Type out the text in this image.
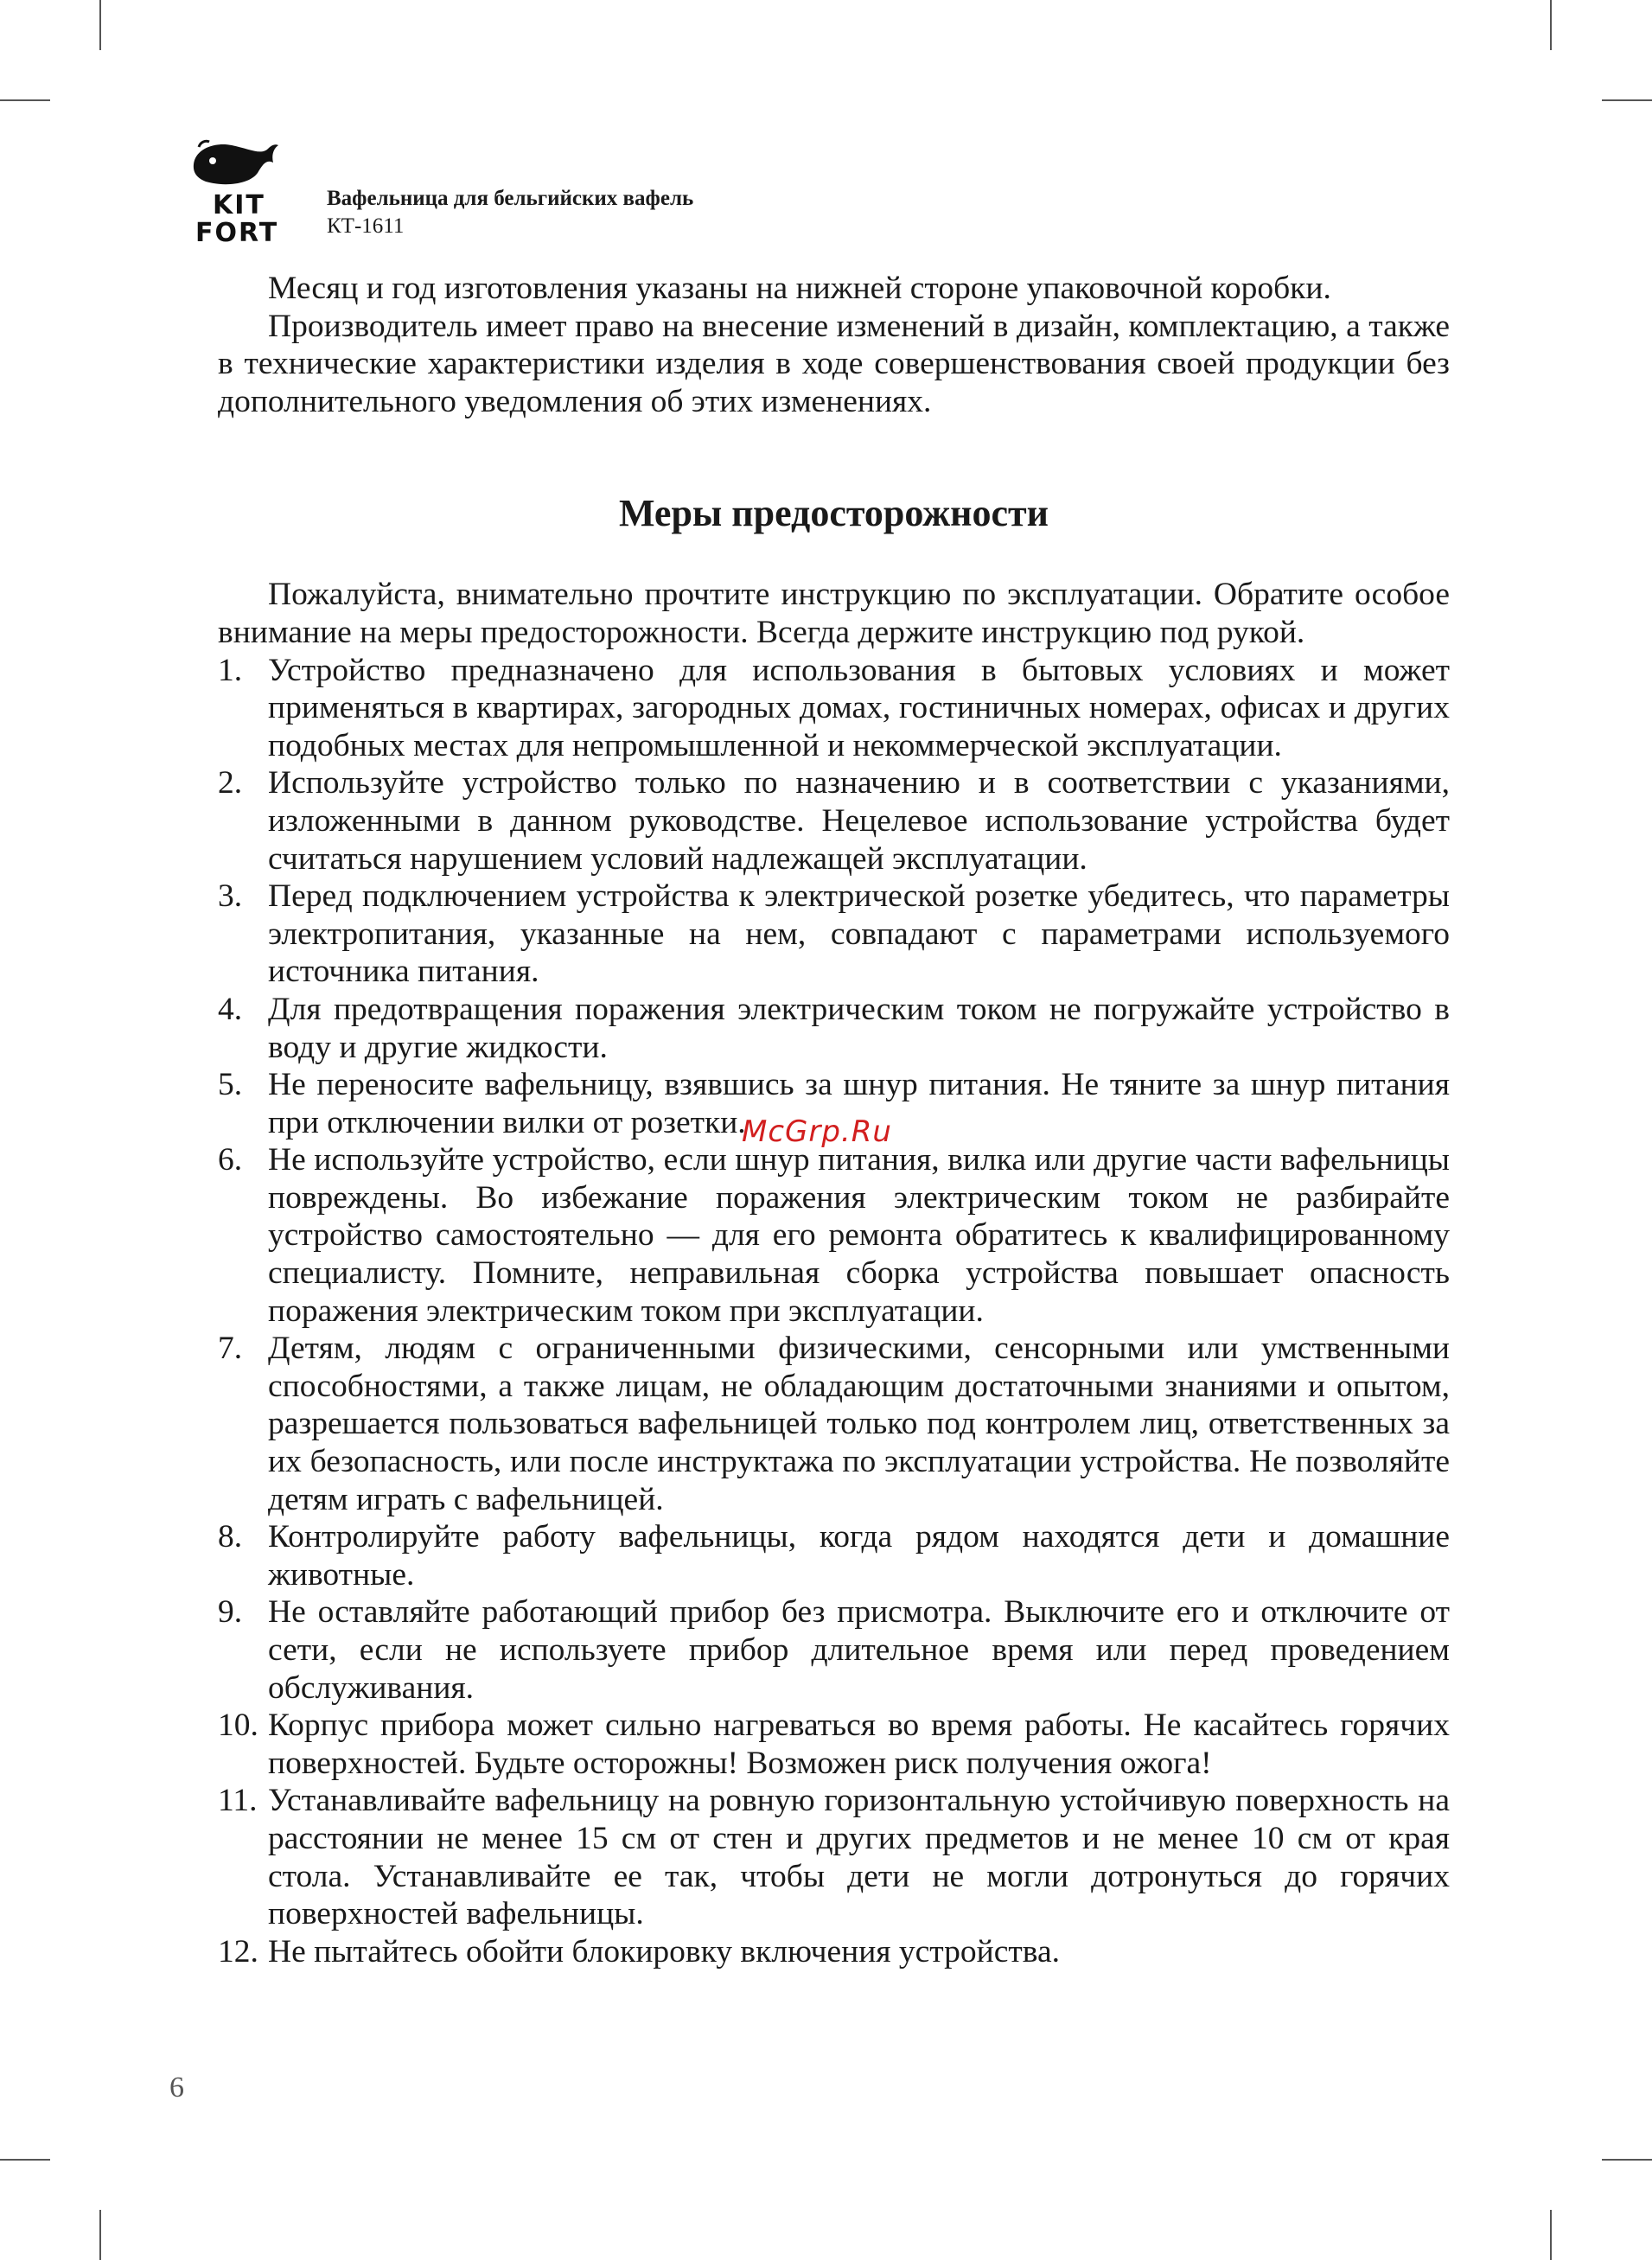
KIT
FORT
Вафельница для бельгийских вафель
КТ-1611

Месяц и год изготовления указаны на нижней стороне упаковочной коробки.

Производитель имеет право на внесение изменений в дизайн, комплектацию, а также в технические характеристики изделия в ходе совершенствования своей продукции без дополнительного уведомления об этих изменениях.

Меры предосторожности

Пожалуйста, внимательно прочтите инструкцию по эксплуатации. Обратите особое внимание на меры предосторожности. Всегда держите инструкцию под рукой.

1. Устройство предназначено для использования в бытовых условиях и может применяться в квартирах, загородных домах, гостиничных номерах, офисах и других подобных местах для непромышленной и некоммерческой эксплуатации.
2. Используйте устройство только по назначению и в соответствии с указаниями, изложенными в данном руководстве. Нецелевое использование устройства будет считаться нарушением условий надлежащей эксплуатации.
3. Перед подключением устройства к электрической розетке убедитесь, что параметры электропитания, указанные на нем, совпадают с параметрами используемого источника питания.
4. Для предотвращения поражения электрическим током не погружайте устройство в воду и другие жидкости.
5. Не переносите вафельницу, взявшись за шнур питания. Не тяните за шнур питания при отключении вилки от розетки.
6. Не используйте устройство, если шнур питания, вилка или другие части вафельницы повреждены. Во избежание поражения электрическим током не разбирайте устройство самостоятельно — для его ремонта обратитесь к квалифицированному специалисту. Помните, неправильная сборка устройства повышает опасность поражения электрическим током при эксплуатации.
7. Детям, людям с ограниченными физическими, сенсорными или умственными способностями, а также лицам, не обладающим достаточными знаниями и опытом, разрешается пользоваться вафельницей только под контролем лиц, ответственных за их безопасность, или после инструктажа по эксплуатации устройства. Не позволяйте детям играть с вафельницей.
8. Контролируйте работу вафельницы, когда рядом находятся дети и домашние животные.
9. Не оставляйте работающий прибор без присмотра. Выключите его и отключите от сети, если не используете прибор длительное время или перед проведением обслуживания.
10. Корпус прибора может сильно нагреваться во время работы. Не касайтесь горячих поверхностей. Будьте осторожны! Возможен риск получения ожога!
11. Устанавливайте вафельницу на ровную горизонтальную устойчивую поверхность на расстоянии не менее 15 см от стен и других предметов и не менее 10 см от края стола. Устанавливайте ее так, чтобы дети не могли дотронуться до горячих поверхностей вафельницы.
12. Не пытайтесь обойти блокировку включения устройства.
McGrp.Ru
6
